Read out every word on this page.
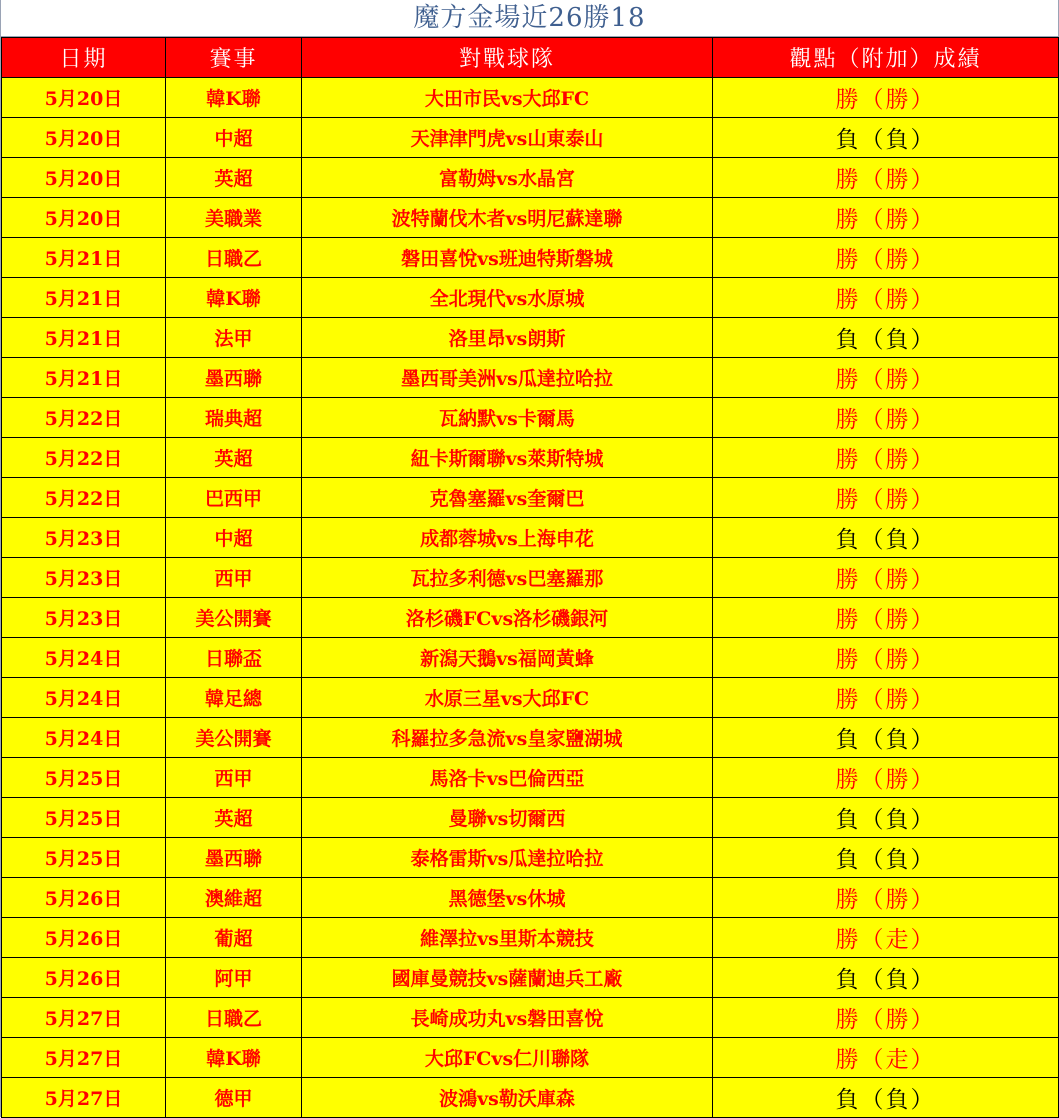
魔方金場近26勝18
日期	賽事	對戰球隊	觀點（附加）成績
5月20日	韓K聯	大田市民vs大邱FC	勝（勝）
5月20日	中超	天津津門虎vs山東泰山	負（負）
5月20日	英超	富勒姆vs水晶宮	勝（勝）
5月20日	美職業	波特蘭伐木者vs明尼蘇達聯	勝（勝）
5月21日	日職乙	磐田喜悅vs班迪特斯磐城	勝（勝）
5月21日	韓K聯	全北現代vs水原城	勝（勝）
5月21日	法甲	洛里昂vs朗斯	負（負）
5月21日	墨西聯	墨西哥美洲vs瓜達拉哈拉	勝（勝）
5月22日	瑞典超	瓦納默vs卡爾馬	勝（勝）
5月22日	英超	紐卡斯爾聯vs萊斯特城	勝（勝）
5月22日	巴西甲	克魯塞羅vs奎爾巴	勝（勝）
5月23日	中超	成都蓉城vs上海申花	負（負）
5月23日	西甲	瓦拉多利德vs巴塞羅那	勝（勝）
5月23日	美公開賽	洛杉磯FCvs洛杉磯銀河	勝（勝）
5月24日	日聯盃	新潟天鵝vs福岡黃蜂	勝（勝）
5月24日	韓足總	水原三星vs大邱FC	勝（勝）
5月24日	美公開賽	科羅拉多急流vs皇家鹽湖城	負（負）
5月25日	西甲	馬洛卡vs巴倫西亞	勝（勝）
5月25日	英超	曼聯vs切爾西	負（負）
5月25日	墨西聯	泰格雷斯vs瓜達拉哈拉	負（負）
5月26日	澳維超	黑德堡vs休城	勝（勝）
5月26日	葡超	維澤拉vs里斯本競技	勝（走）
5月26日	阿甲	國庫曼競技vs薩蘭迪兵工廠	負（負）
5月27日	日職乙	長崎成功丸vs磐田喜悅	勝（勝）
5月27日	韓K聯	大邱FCvs仁川聯隊	勝（走）
5月27日	德甲	波鴻vs勒沃庫森	負（負）
